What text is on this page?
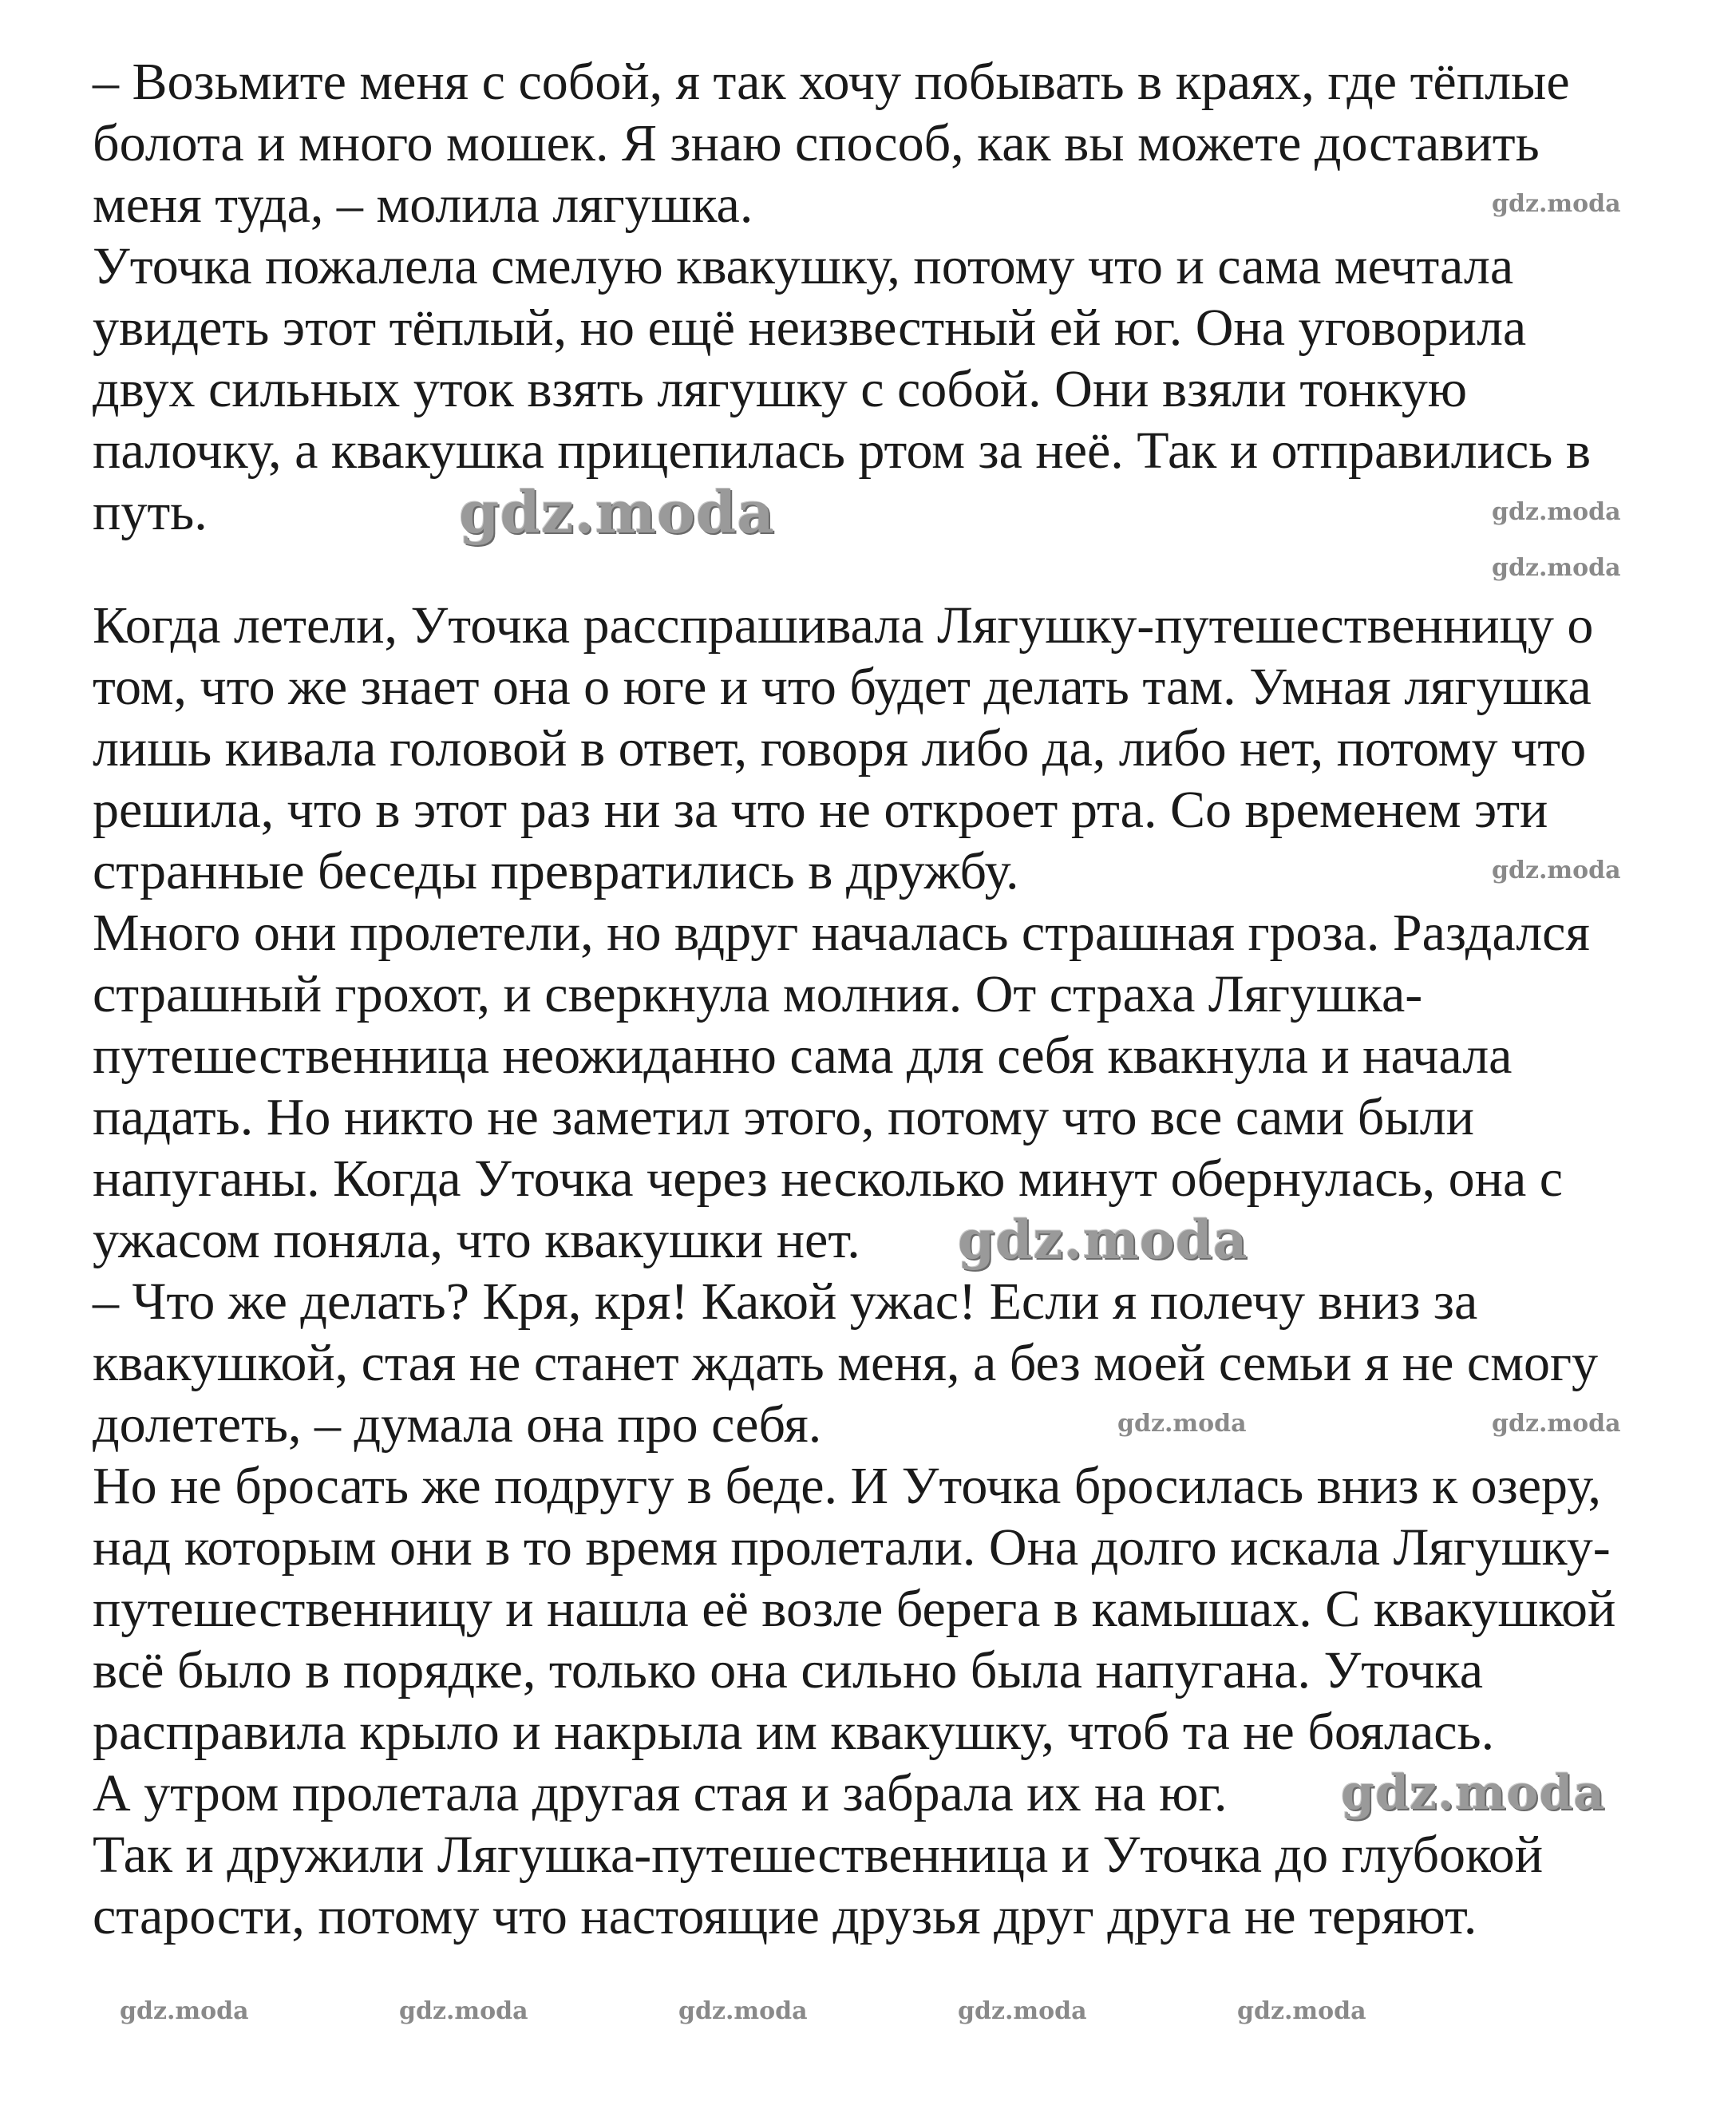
– Возьмите меня с собой, я так хочу побывать в краях, где тёплые
болота и много мошек. Я знаю способ, как вы можете доставить
меня туда, – молила лягушка.
Уточка пожалела смелую квакушку, потому что и сама мечтала
увидеть этот тёплый, но ещё неизвестный ей юг. Она уговорила
двух сильных уток взять лягушку с собой. Они взяли тонкую
палочку, а квакушка прицепилась ртом за неё. Так и отправились в
путь.
Когда летели, Уточка расспрашивала Лягушку-путешественницу о
том, что же знает она о юге и что будет делать там. Умная лягушка
лишь кивала головой в ответ, говоря либо да, либо нет, потому что
решила, что в этот раз ни за что не откроет рта. Со временем эти
странные беседы превратились в дружбу.
Много они пролетели, но вдруг началась страшная гроза. Раздался
страшный грохот, и сверкнула молния. От страха Лягушка-
путешественница неожиданно сама для себя квакнула и начала
падать. Но никто не заметил этого, потому что все сами были
напуганы. Когда Уточка через несколько минут обернулась, она с
ужасом поняла, что квакушки нет.
– Что же делать? Кря, кря! Какой ужас! Если я полечу вниз за
квакушкой, стая не станет ждать меня, а без моей семьи я не смогу
долететь, – думала она про себя.
Но не бросать же подругу в беде. И Уточка бросилась вниз к озеру,
над которым они в то время пролетали. Она долго искала Лягушку-
путешественницу и нашла её возле берега в камышах. С квакушкой
всё было в порядке, только она сильно была напугана. Уточка
расправила крыло и накрыла им квакушку, чтоб та не боялась.
А утром пролетала другая стая и забрала их на юг.
Так и дружили Лягушка-путешественница и Уточка до глубокой
старости, потому что настоящие друзья друг друга не теряют.
gdz.moda
gdz.moda
gdz.moda
gdz.moda
gdz.moda
gdz.moda
gdz.moda
gdz.moda
gdz.moda
gdz.moda	gdz.moda	gdz.moda	gdz.moda	gdz.moda
